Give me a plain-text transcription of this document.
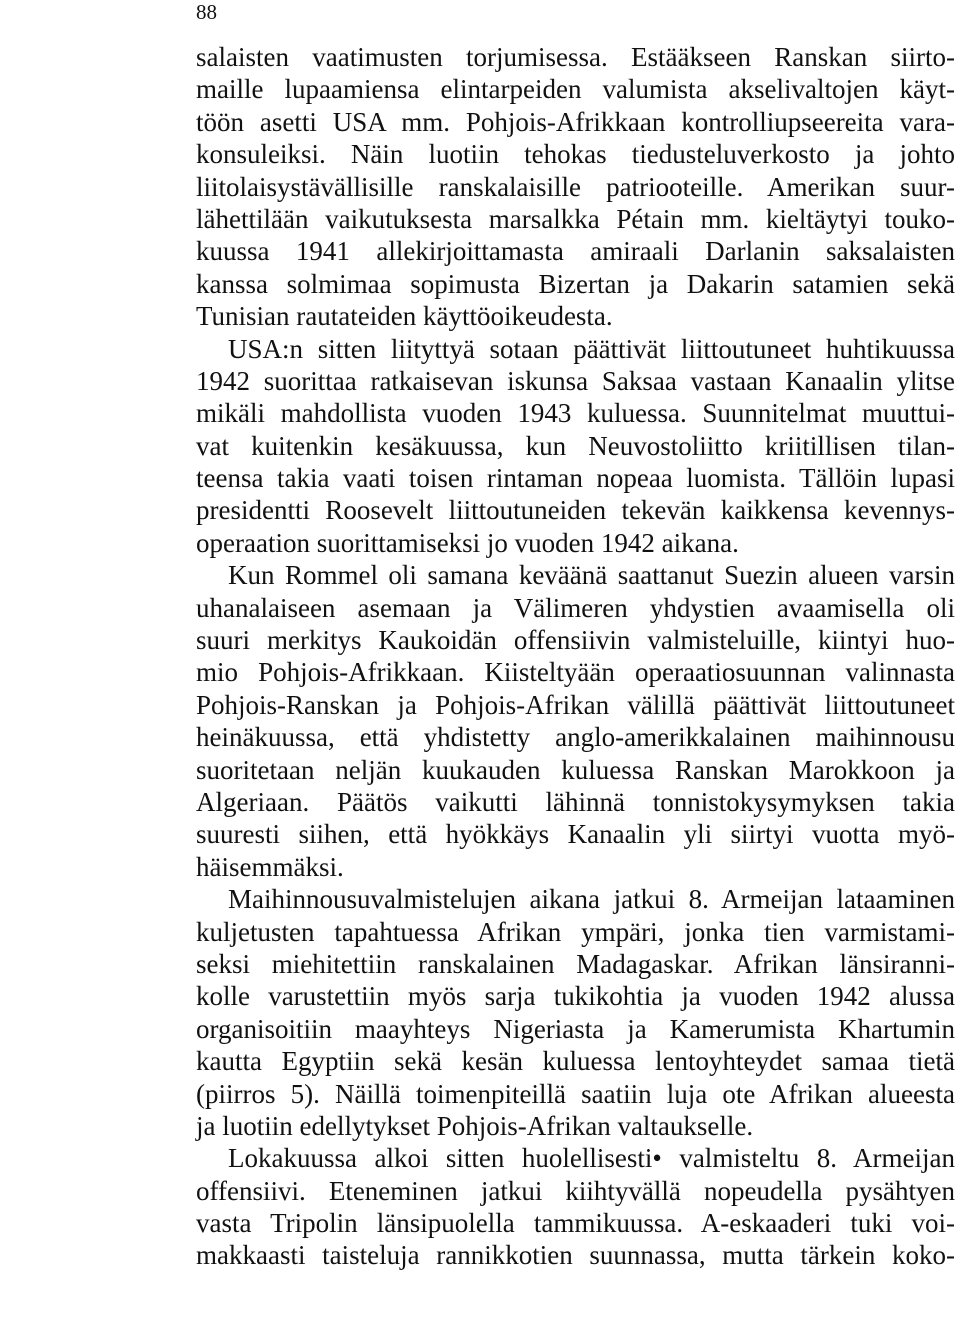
88
salaisten vaatimusten torjumisessa. Estääkseen Ranskan siirto-
maille lupaamiensa elintarpeiden valumista akselivaltojen käyt-
töön asetti USA mm. Pohjois-Afrikkaan kontrolliupseereita vara-
konsuleiksi. Näin luotiin tehokas tiedusteluverkosto ja johto
liitolaisystävällisille ranskalaisille patriooteille. Amerikan suur-
lähettilään vaikutuksesta marsalkka Pétain mm. kieltäytyi touko-
kuussa 1941 allekirjoittamasta amiraali Darlanin saksalaisten
kanssa solmimaa sopimusta Bizertan ja Dakarin satamien sekä
Tunisian rautateiden käyttöoikeudesta.
USA:n sitten liityttyä sotaan päättivät liittoutuneet huhtikuussa
1942 suorittaa ratkaisevan iskunsa Saksaa vastaan Kanaalin ylitse
mikäli mahdollista vuoden 1943 kuluessa. Suunnitelmat muuttui-
vat kuitenkin kesäkuussa, kun Neuvostoliitto kriitillisen tilan-
teensa takia vaati toisen rintaman nopeaa luomista. Tällöin lupasi
presidentti Roosevelt liittoutuneiden tekevän kaikkensa kevennys-
operaation suorittamiseksi jo vuoden 1942 aikana.
Kun Rommel oli samana keväänä saattanut Suezin alueen varsin
uhanalaiseen asemaan ja Välimeren yhdystien avaamisella oli
suuri merkitys Kaukoidän offensiivin valmisteluille, kiintyi huo-
mio Pohjois-Afrikkaan. Kiisteltyään operaatiosuunnan valinnasta
Pohjois-Ranskan ja Pohjois-Afrikan välillä päättivät liittoutuneet
heinäkuussa, että yhdistetty anglo-amerikkalainen maihinnousu
suoritetaan neljän kuukauden kuluessa Ranskan Marokkoon ja
Algeriaan. Päätös vaikutti lähinnä tonnistokysymyksen takia
suuresti siihen, että hyökkäys Kanaalin yli siirtyi vuotta myö-
häisemmäksi.
Maihinnousuvalmistelujen aikana jatkui 8. Armeijan lataaminen
kuljetusten tapahtuessa Afrikan ympäri, jonka tien varmistami-
seksi miehitettiin ranskalainen Madagaskar. Afrikan länsiranni-
kolle varustettiin myös sarja tukikohtia ja vuoden 1942 alussa
organisoitiin maayhteys Nigeriasta ja Kamerumista Khartumin
kautta Egyptiin sekä kesän kuluessa lentoyhteydet samaa tietä
(piirros 5). Näillä toimenpiteillä saatiin luja ote Afrikan alueesta
ja luotiin edellytykset Pohjois-Afrikan valtaukselle.
Lokakuussa alkoi sitten huolellisesti• valmisteltu 8. Armeijan
offensiivi. Eteneminen jatkui kiihtyvällä nopeudella pysähtyen
vasta Tripolin länsipuolella tammikuussa. A-eskaaderi tuki voi-
makkaasti taisteluja rannikkotien suunnassa, mutta tärkein koko-
